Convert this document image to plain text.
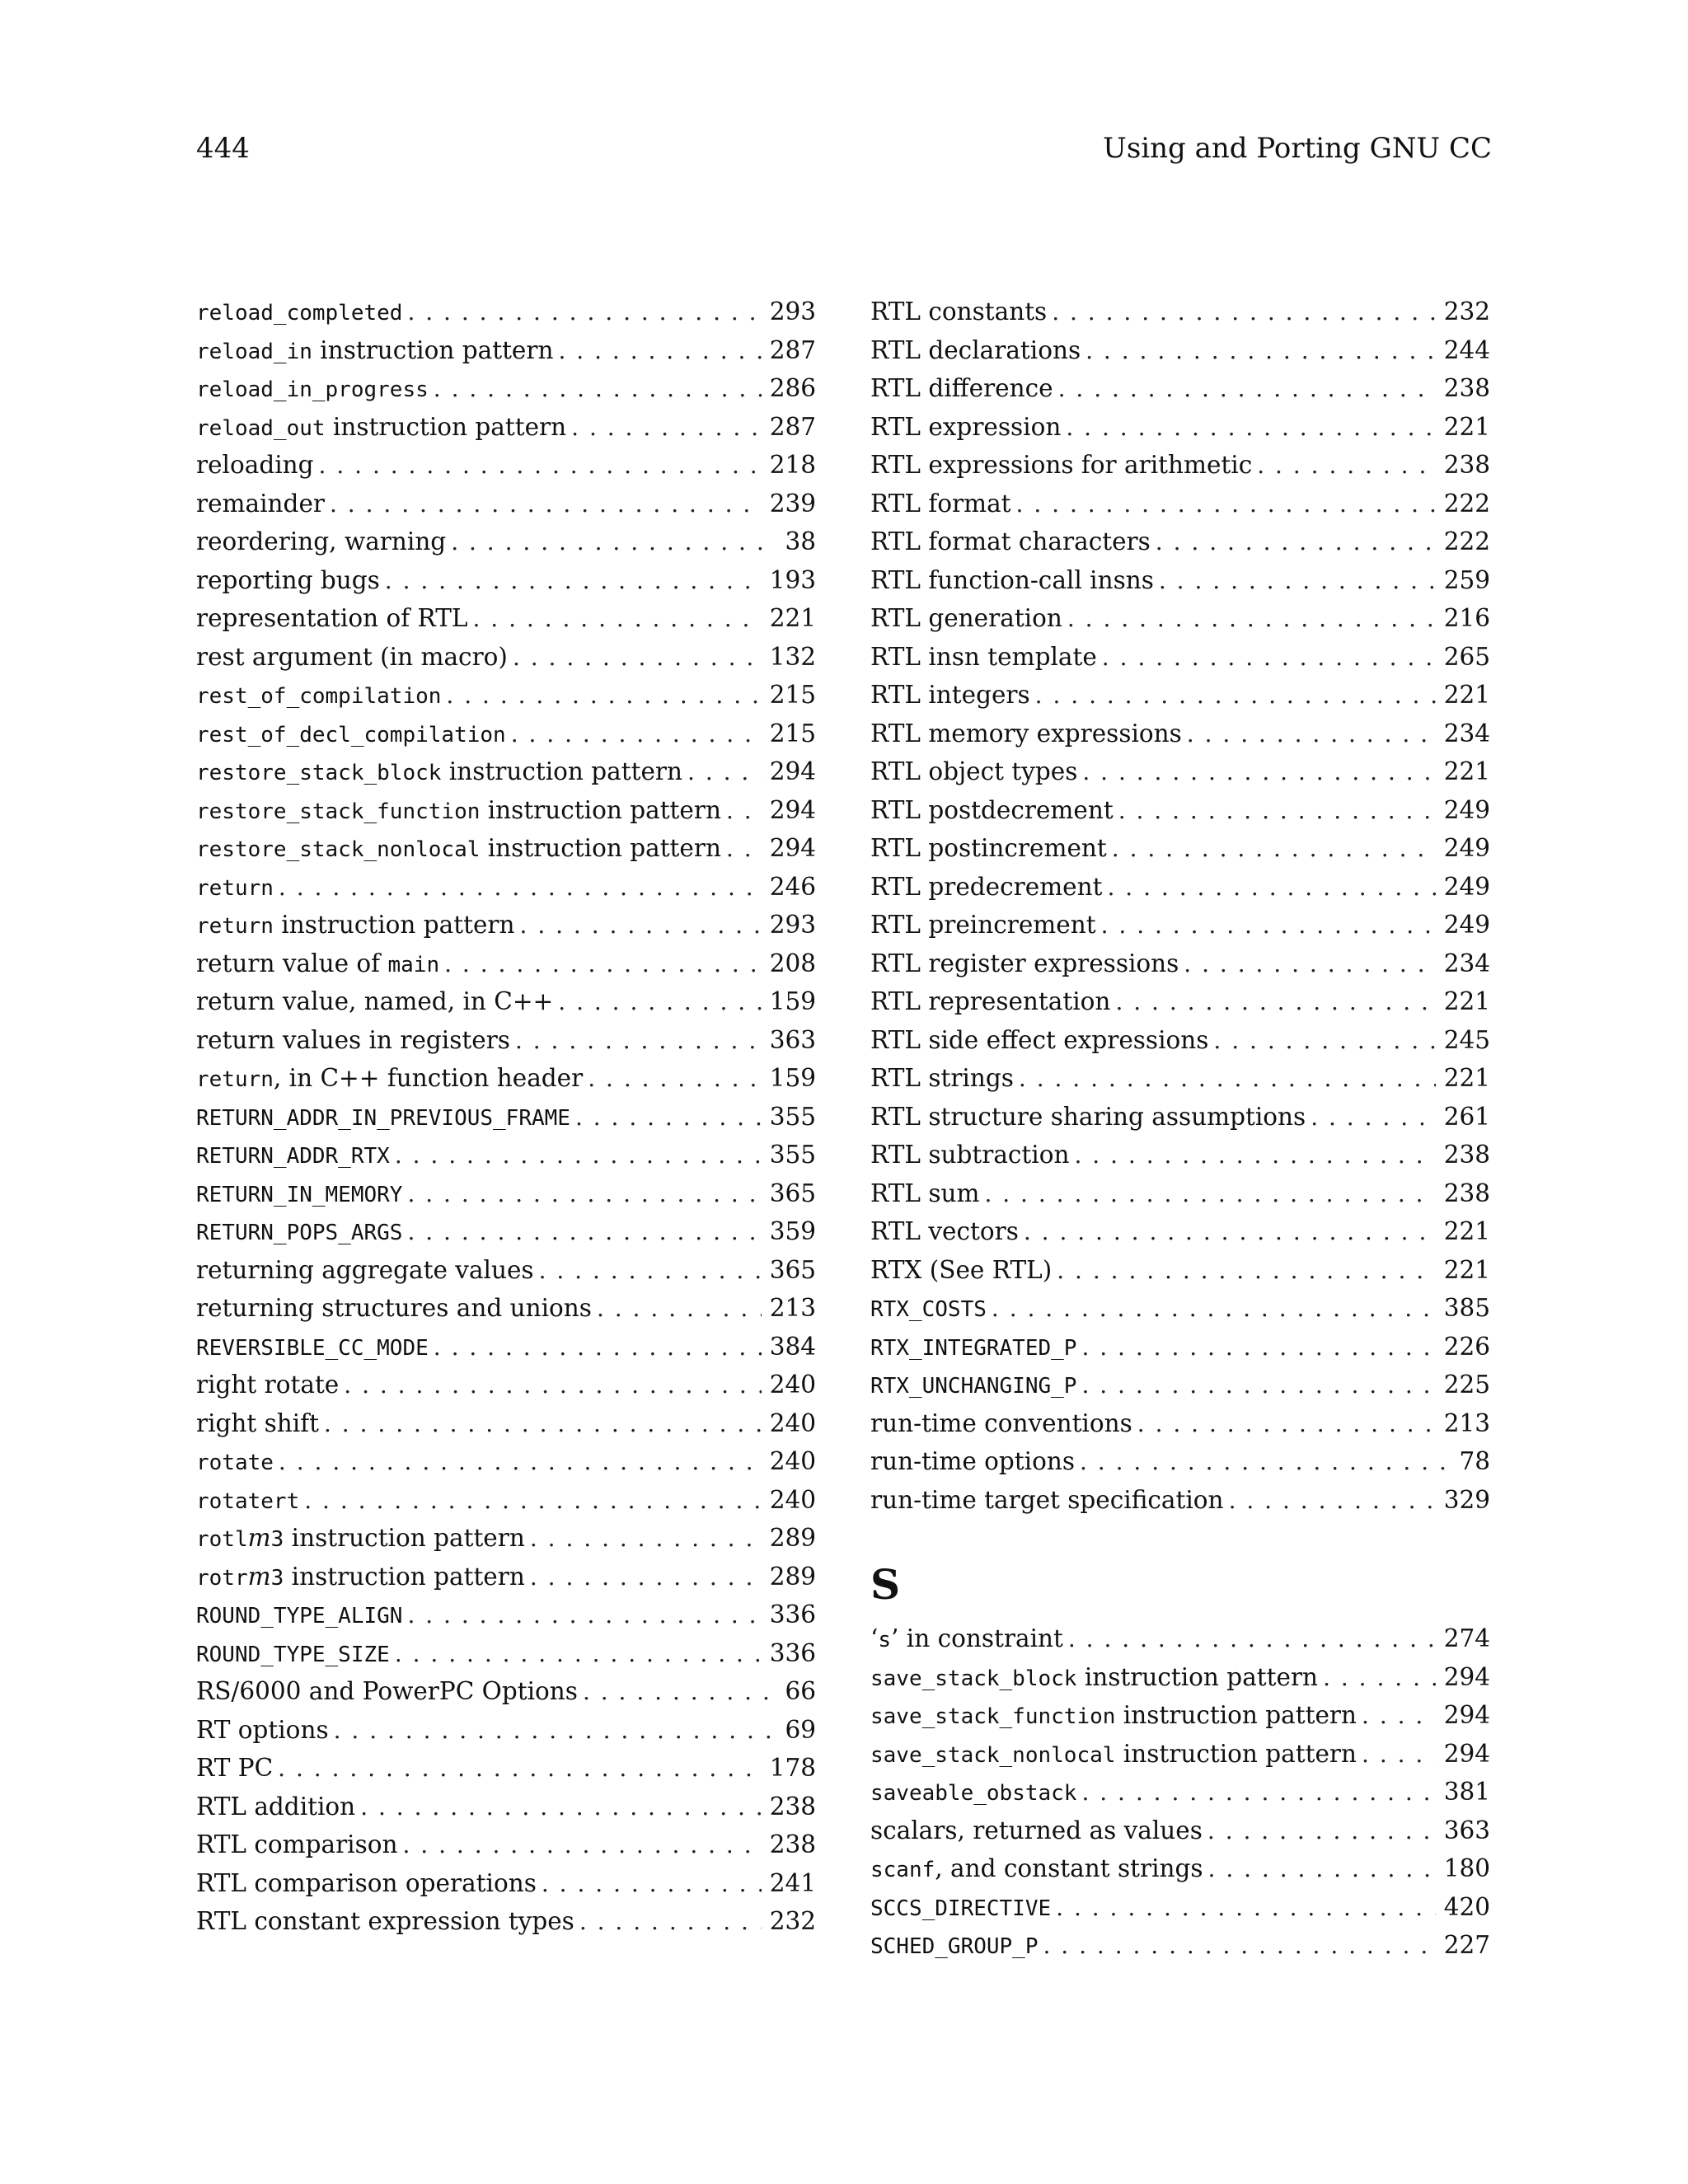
444	Using and Porting GNU CC
reload_completed . . .	293
reload_in instruction pattern . . .	287
reload_in_progress . . .	286
reload_out instruction pattern . . .	287
reloading . . .	218
remainder . . .	239
reordering, warning . . .	38
reporting bugs . . .	193
representation of RTL . . .	221
rest argument (in macro) . . .	132
rest_of_compilation . . .	215
rest_of_decl_compilation . . .	215
restore_stack_block instruction pattern . . .	294
restore_stack_function instruction pattern . . . 294
restore_stack_nonlocal instruction pattern . . . 294
return . . .	246
return instruction pattern . . .	293
return value of main . . .	208
return value, named, in C++ . . .	159
return values in registers . . .	363
return, in C++ function header . . .	159
RETURN_ADDR_IN_PREVIOUS_FRAME . . .	355
RETURN_ADDR_RTX . . .	355
RETURN_IN_MEMORY . . .	365
RETURN_POPS_ARGS . . .	359
returning aggregate values . . .	365
returning structures and unions . . .	213
REVERSIBLE_CC_MODE . . .	384
right rotate . . .	240
right shift . . .	240
rotate . . .	240
rotatert . . .	240
rotlm3 instruction pattern . . .	289
rotrm3 instruction pattern . . .	289
ROUND_TYPE_ALIGN . . .	336
ROUND_TYPE_SIZE . . .	336
RS/6000 and PowerPC Options . . .	66
RT options . . .	69
RT PC . . .	178
RTL addition . . .	238
RTL comparison . . .	238
RTL comparison operations . . .	241
RTL constant expression types . . .	232
RTL constants . . .	232
RTL declarations . . .	244
RTL difference . . .	238
RTL expression . . .	221
RTL expressions for arithmetic . . .	238
RTL format . . .	222
RTL format characters . . .	222
RTL function-call insns . . .	259
RTL generation . . .	216
RTL insn template . . .	265
RTL integers . . .	221
RTL memory expressions . . .	234
RTL object types . . .	221
RTL postdecrement . . .	249
RTL postincrement . . .	249
RTL predecrement . . .	249
RTL preincrement . . .	249
RTL register expressions . . .	234
RTL representation . . .	221
RTL side effect expressions . . .	245
RTL strings . . .	221
RTL structure sharing assumptions . . .	261
RTL subtraction . . .	238
RTL sum . . .	238
RTL vectors . . .	221
RTX (See RTL) . . .	221
RTX_COSTS . . .	385
RTX_INTEGRATED_P . . .	226
RTX_UNCHANGING_P . . .	225
run-time conventions . . .	213
run-time options . . .	78
run-time target specification . . .	329
S
‘s’ in constraint . . .	274
save_stack_block instruction pattern . . .	294
save_stack_function instruction pattern . . .	294
save_stack_nonlocal instruction pattern . . .	294
saveable_obstack . . .	381
scalars, returned as values . . .	363
scanf, and constant strings . . .	180
SCCS_DIRECTIVE . . .	420
SCHED_GROUP_P . . .	227
